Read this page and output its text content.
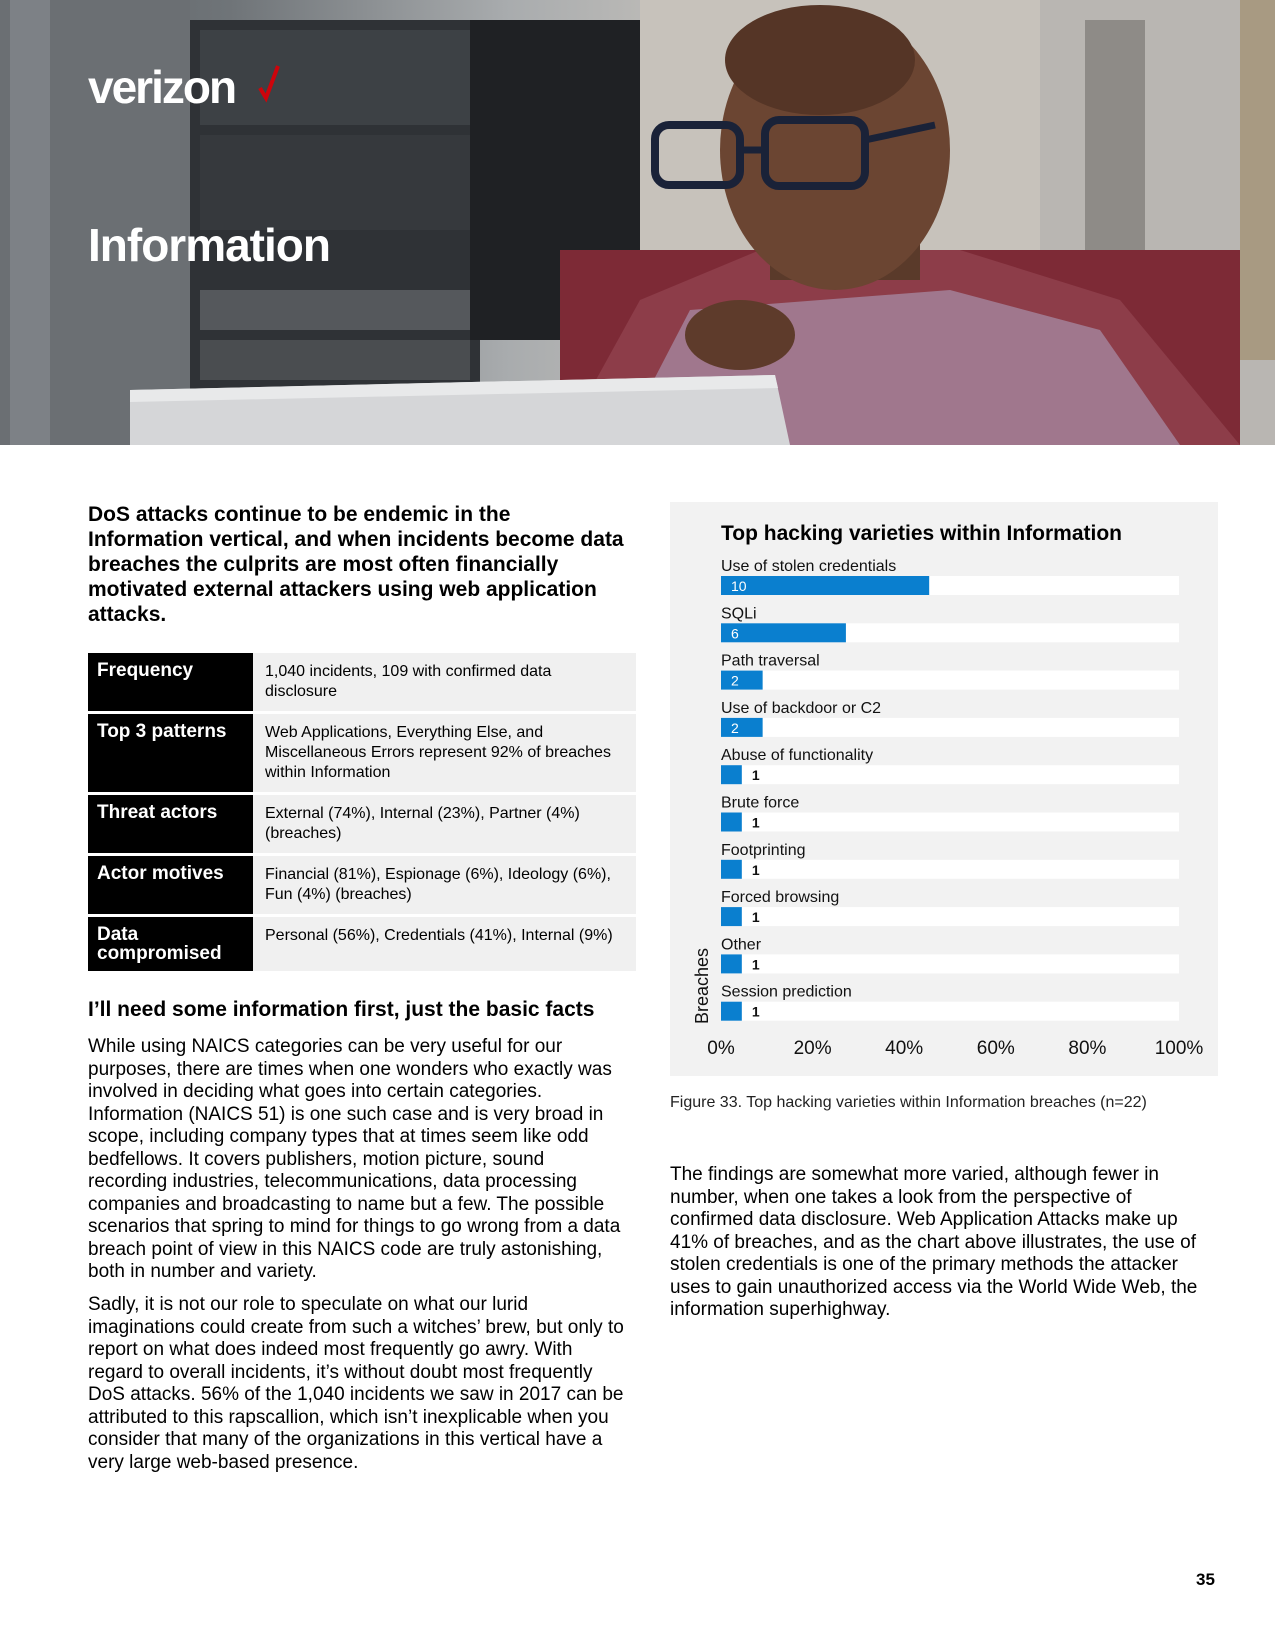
verizon
Information
DoS attacks continue to be endemic in the Information vertical, and when incidents become data breaches the culprits are most often financially motivated external attackers using web application attacks.
Frequency	1,040 incidents, 109 with confirmed data disclosure
Top 3 patterns	Web Applications, Everything Else, and Miscellaneous Errors represent 92% of breaches within Information
Threat actors	External (74%), Internal (23%), Partner (4%) (breaches)
Actor motives	Financial (81%), Espionage (6%), Ideology (6%), Fun (4%) (breaches)
Data compromised	Personal (56%), Credentials (41%), Internal (9%)
I’ll need some information first, just the basic facts

While using NAICS categories can be very useful for our purposes, there are times when one wonders who exactly was involved in deciding what goes into certain categories. Information (NAICS 51) is one such case and is very broad in scope, including company types that at times seem like odd bedfellows. It covers publishers, motion picture, sound recording industries, telecommunications, data processing companies and broadcasting to name but a few. The possible scenarios that spring to mind for things to go wrong from a data breach point of view in this NAICS code are truly astonishing, both in number and variety.

Sadly, it is not our role to speculate on what our lurid imaginations could create from such a witches’ brew, but only to report on what does indeed most frequently go awry. With regard to overall incidents, it’s without doubt most frequently DoS attacks. 56% of the 1,040 incidents we saw in 2017 can be attributed to this rapscallion, which isn’t inexplicable when you consider that many of the organizations in this vertical have a very large web-based presence.

Top hacking varieties within Information
Use of stolen credentials
10
SQLi
6
Path traversal
2
Use of backdoor or C2
2
Abuse of functionality
1
Brute force
1
Footprinting
1
Forced browsing
1
Other
1
Session prediction
1
0%	20%	40%	60%	80%	100%
Breaches
Figure 33. Top hacking varieties within Information breaches (n=22)

The findings are somewhat more varied, although fewer in number, when one takes a look from the perspective of confirmed data disclosure. Web Application Attacks make up 41% of breaches, and as the chart above illustrates, the use of stolen credentials is one of the primary methods the attacker uses to gain unauthorized access via the World Wide Web, the information superhighway.

35
